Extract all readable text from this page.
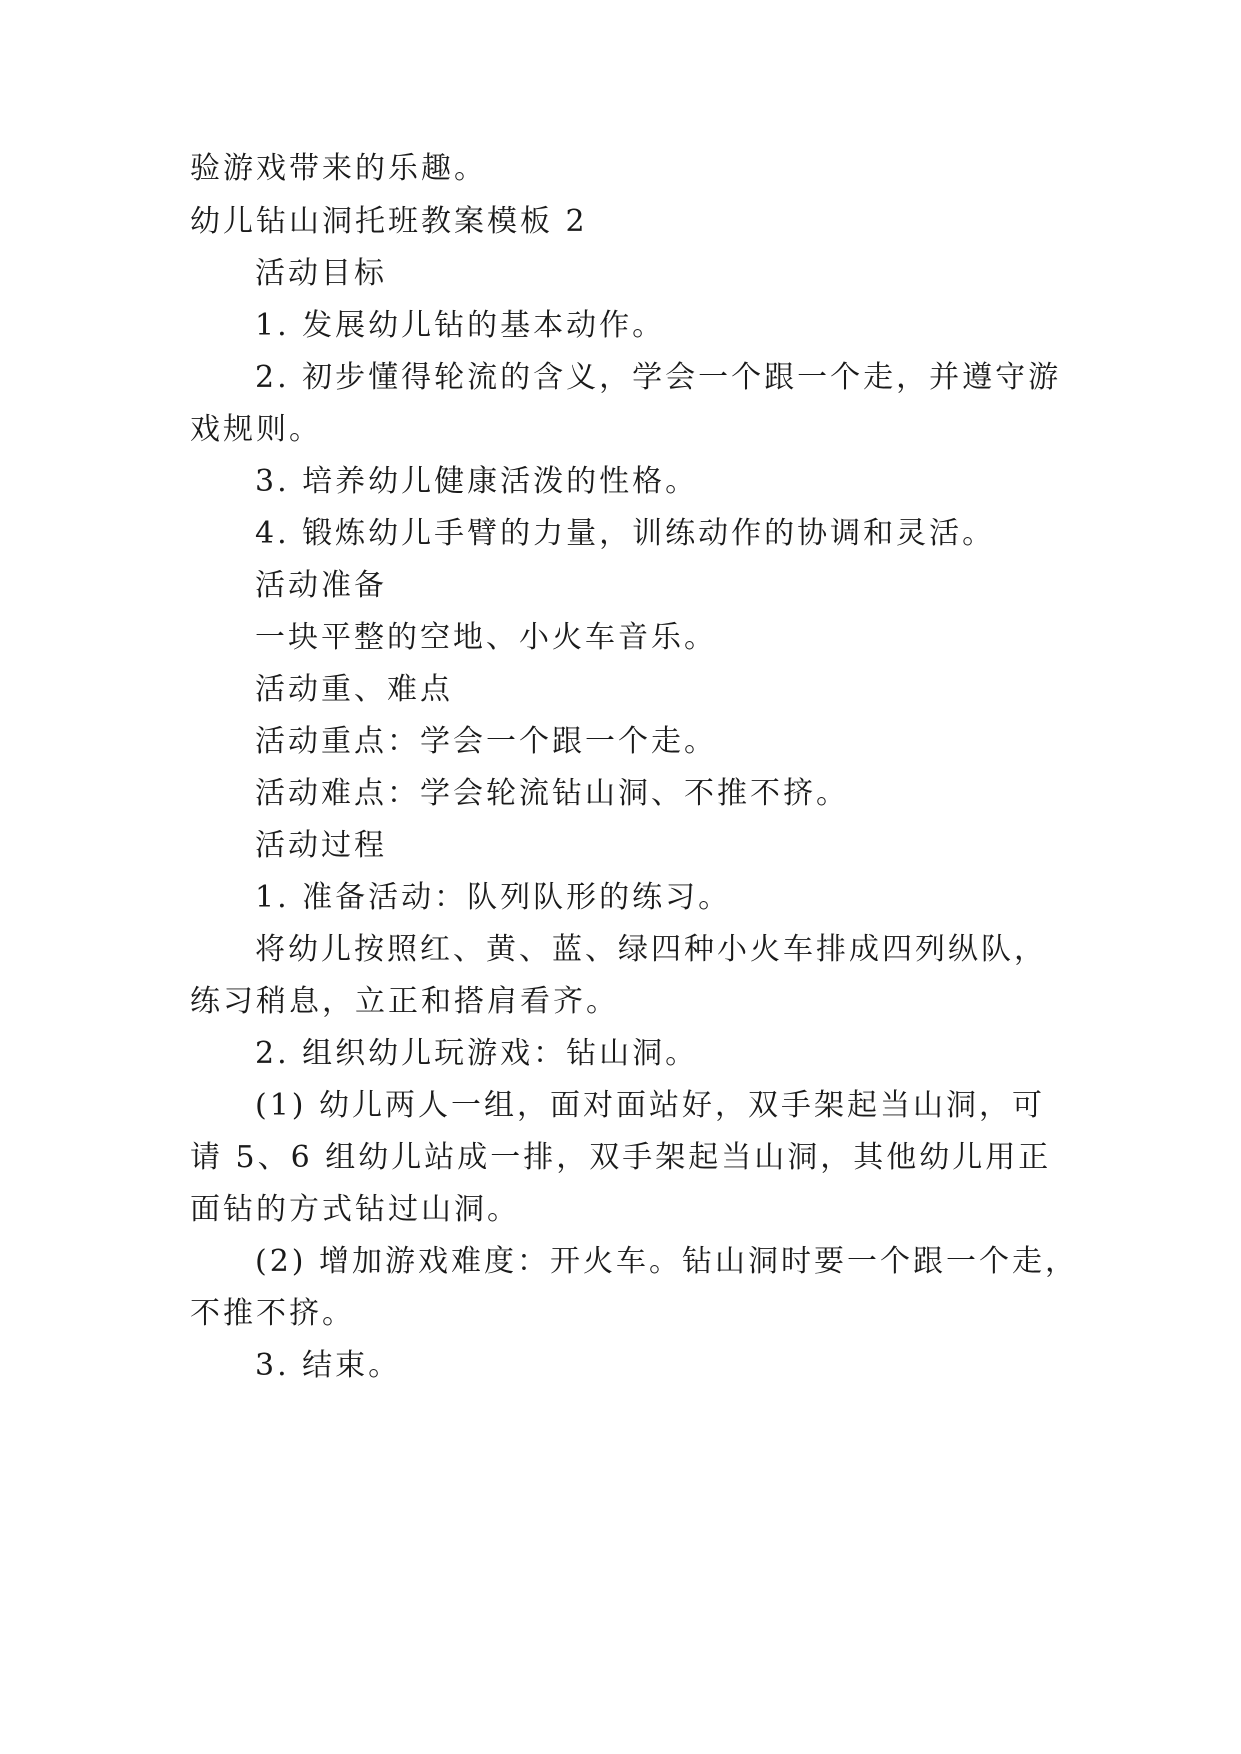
验游戏带来的乐趣。
幼儿钻山洞托班教案模板 2
活动目标
1. 发展幼儿钻的基本动作。
2. 初步懂得轮流的含义，学会一个跟一个走，并遵守游
戏规则。
3. 培养幼儿健康活泼的性格。
4. 锻炼幼儿手臂的力量，训练动作的协调和灵活。
活动准备
一块平整的空地、小火车音乐。
活动重、难点
活动重点：学会一个跟一个走。
活动难点：学会轮流钻山洞、不推不挤。
活动过程
1. 准备活动：队列队形的练习。
将幼儿按照红、黄、蓝、绿四种小火车排成四列纵队，
练习稍息，立正和搭肩看齐。
2. 组织幼儿玩游戏：钻山洞。
(1) 幼儿两人一组，面对面站好，双手架起当山洞，可
请 5、6 组幼儿站成一排，双手架起当山洞，其他幼儿用正
面钻的方式钻过山洞。
(2) 增加游戏难度：开火车。钻山洞时要一个跟一个走，
不推不挤。
3. 结束。
